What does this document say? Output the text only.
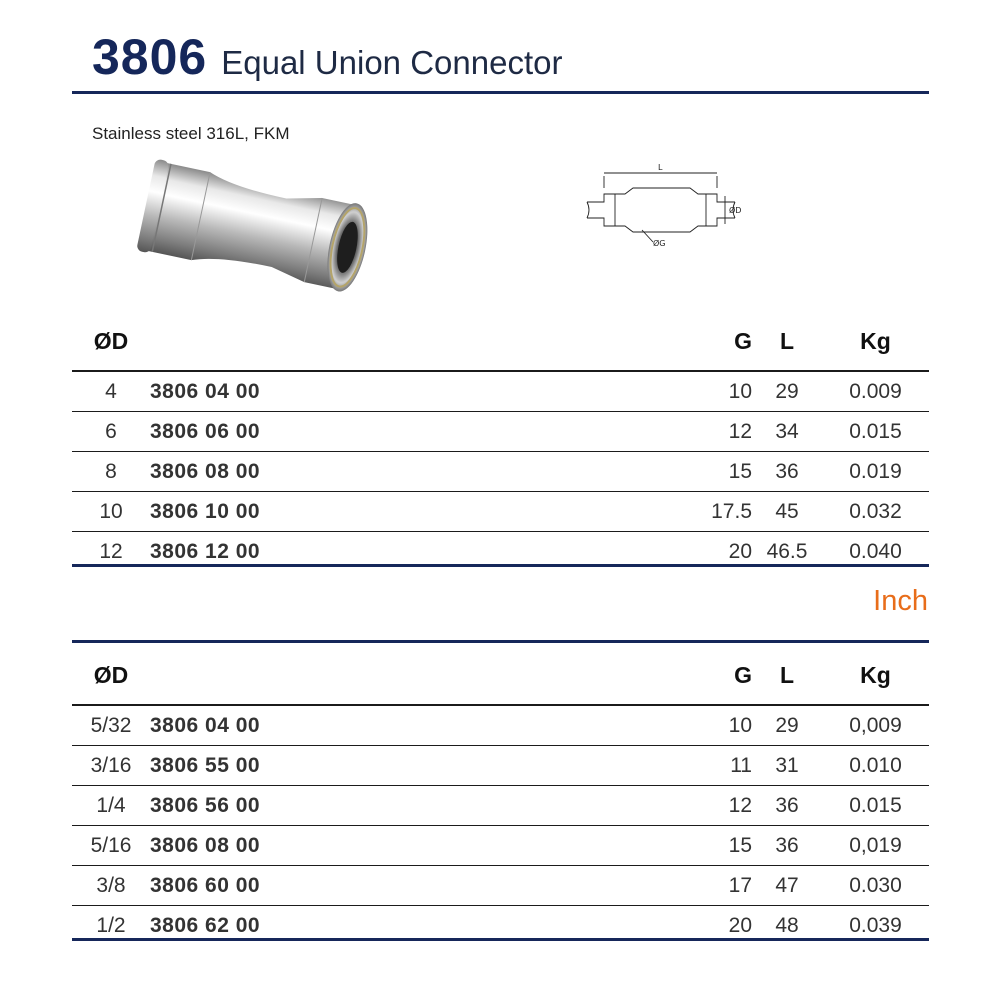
3806 Equal Union Connector
Stainless steel 316L, FKM
L
ØD
ØG
ØD		G	L	Kg
4	3806 04 00	10	29	0.009
6	3806 06 00	12	34	0.015
8	3806 08 00	15	36	0.019
10	3806 10 00	17.5	45	0.032
12	3806 12 00	20	46.5	0.040
Inch
ØD		G	L	Kg
5/32	3806 04 00	10	29	0,009
3/16	3806 55 00	11	31	0.010
1/4	3806 56 00	12	36	0.015
5/16	3806 08 00	15	36	0,019
3/8	3806 60 00	17	47	0.030
1/2	3806 62 00	20	48	0.039
